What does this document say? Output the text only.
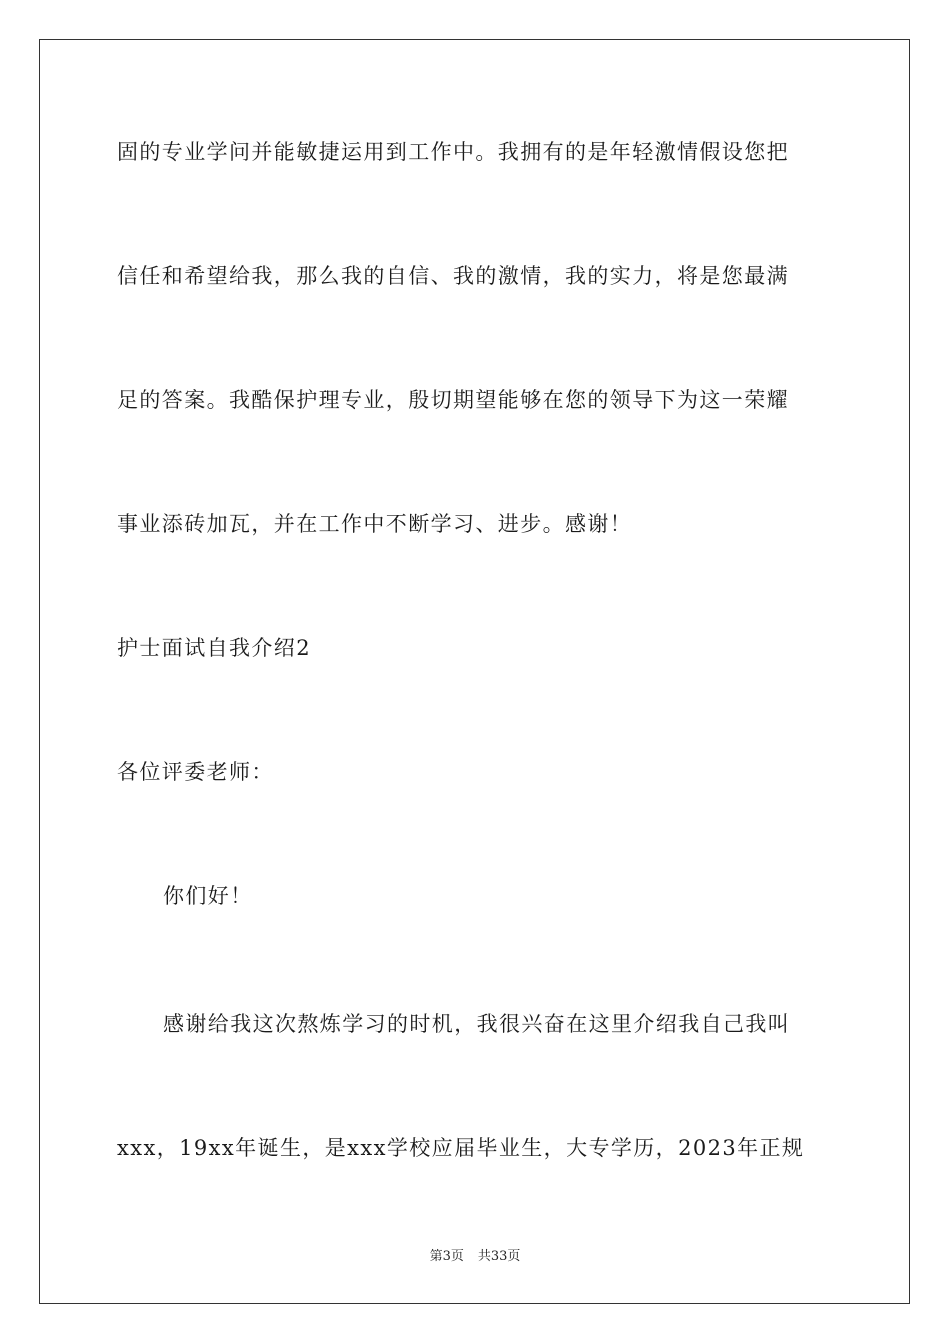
固的专业学问并能敏捷运用到工作中。我拥有的是年轻激情假设您把
信任和希望给我，那么我的自信、我的激情，我的实力，将是您最满
足的答案。我酷保护理专业，殷切期望能够在您的领导下为这一荣耀
事业添砖加瓦，并在工作中不断学习、进步。感谢！
护士面试自我介绍2
各位评委老师：
你们好！
感谢给我这次熬炼学习的时机，我很兴奋在这里介绍我自己我叫
xxx，19xx年诞生，是xxx学校应届毕业生，大专学历，2023年正规
第3页 共33页
